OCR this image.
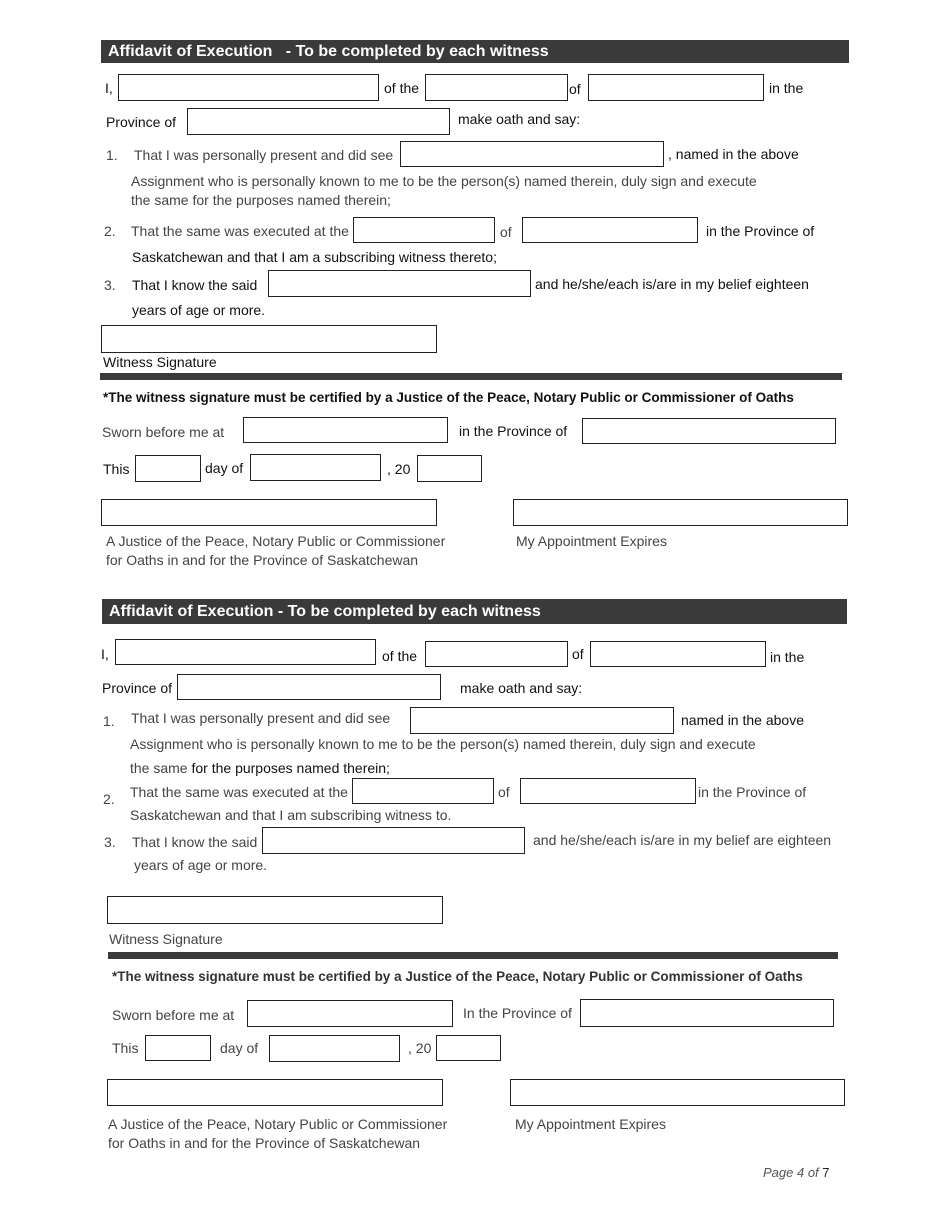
Affidavit of Execution   - To be completed by each witness
I,	of the	of	in the
Province of	make oath and say:
1. That I was personally present and did see	, named in the above
Assignment who is personally known to me to be the person(s) named therein, duly sign and execute
the same for the purposes named therein;
2. That the same was executed at the	of	in the Province of
Saskatchewan and that I am a subscribing witness thereto;
3. That I know the said	and he/she/each is/are in my belief eighteen
years of age or more.
Witness Signature
*The witness signature must be certified by a Justice of the Peace, Notary Public or Commissioner of Oaths
Sworn before me at	in the Province of
This	day of	, 20
A Justice of the Peace, Notary Public or Commissioner
for Oaths in and for the Province of Saskatchewan
My Appointment Expires
Affidavit of Execution - To be completed by each witness
I,	of the	of	in the
Province of	make oath and say:
1. That I was personally present and did see	named in the above
Assignment who is personally known to me to be the person(s) named therein, duly sign and execute
the same for the purposes named therein;
2. That the same was executed at the	of	in the Province of
Saskatchewan and that I am subscribing witness to.
3. That I know the said	and he/she/each is/are in my belief are eighteen
years of age or more.
Witness Signature
*The witness signature must be certified by a Justice of the Peace, Notary Public or Commissioner of Oaths
Sworn before me at	In the Province of
This	day of	, 20
A Justice of the Peace, Notary Public or Commissioner
for Oaths in and for the Province of Saskatchewan
My Appointment Expires
Page 4 of 7
